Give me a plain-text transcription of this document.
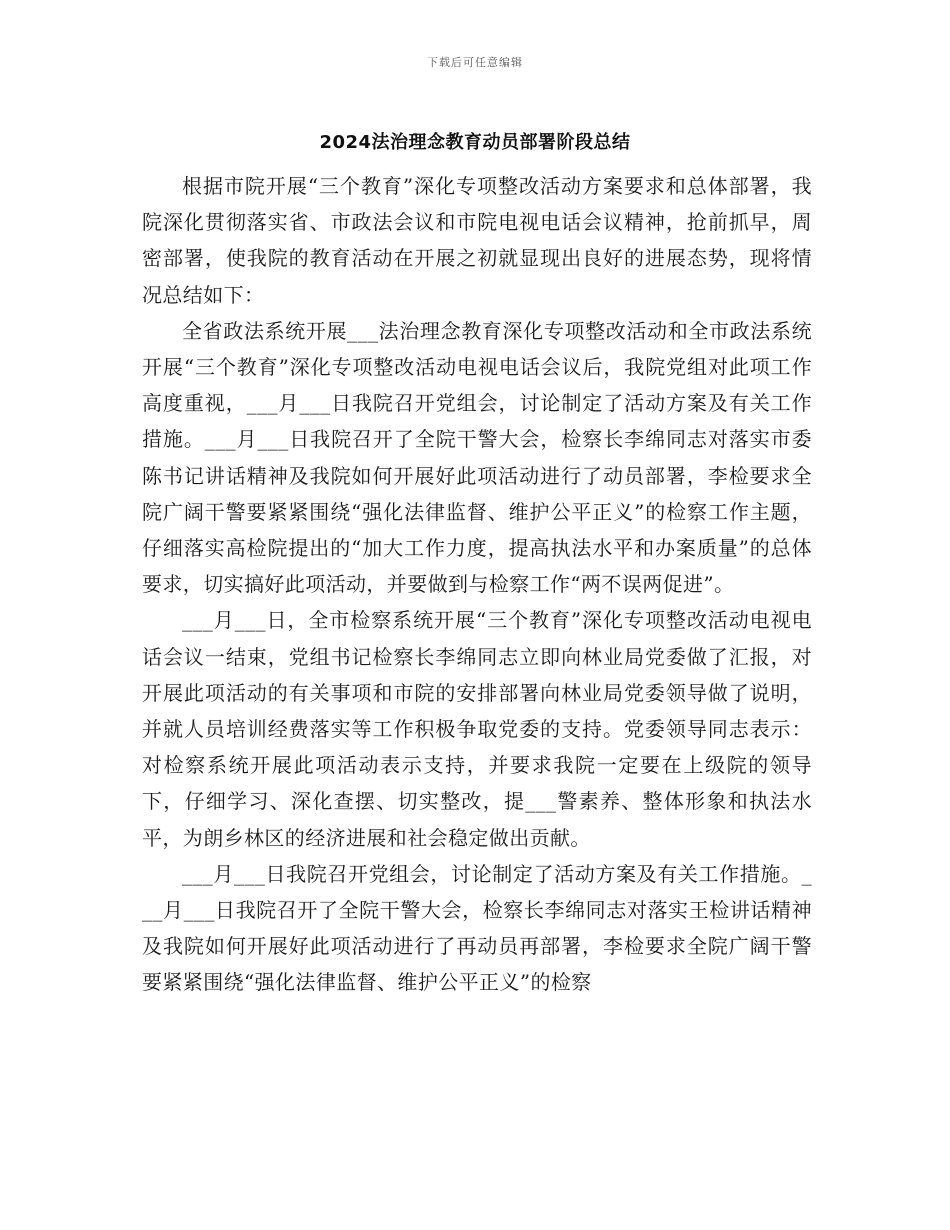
下载后可任意编辑
2024法治理念教育动员部署阶段总结

根据市院开展“三个教育”深化专项整改活动方案要求和总体部署，我院深化贯彻落实省、市政法会议和市院电视电话会议精神，抢前抓早，周密部署，使我院的教育活动在开展之初就显现出良好的进展态势，现将情况总结如下：

全省政法系统开展___法治理念教育深化专项整改活动和全市政法系统开展“三个教育”深化专项整改活动电视电话会议后，我院党组对此项工作高度重视，___月___日我院召开党组会，讨论制定了活动方案及有关工作措施。___月___日我院召开了全院干警大会，检察长李绵同志对落实市委陈书记讲话精神及我院如何开展好此项活动进行了动员部署，李检要求全院广阔干警要紧紧围绕“强化法律监督、维护公平正义”的检察工作主题，仔细落实高检院提出的“加大工作力度，提高执法水平和办案质量”的总体要求，切实搞好此项活动，并要做到与检察工作“两不误两促进”。

___月___日，全市检察系统开展“三个教育”深化专项整改活动电视电话会议一结束，党组书记检察长李绵同志立即向林业局党委做了汇报，对开展此项活动的有关事项和市院的安排部署向林业局党委领导做了说明，并就人员培训经费落实等工作积极争取党委的支持。党委领导同志表示：对检察系统开展此项活动表示支持，并要求我院一定要在上级院的领导下，仔细学习、深化查摆、切实整改，提___警素养、整体形象和执法水平，为朗乡林区的经济进展和社会稳定做出贡献。

___月___日我院召开党组会，讨论制定了活动方案及有关工作措施。___月___日我院召开了全院干警大会，检察长李绵同志对落实王检讲话精神及我院如何开展好此项活动进行了再动员再部署，李检要求全院广阔干警要紧紧围绕“强化法律监督、维护公平正义”的检察
